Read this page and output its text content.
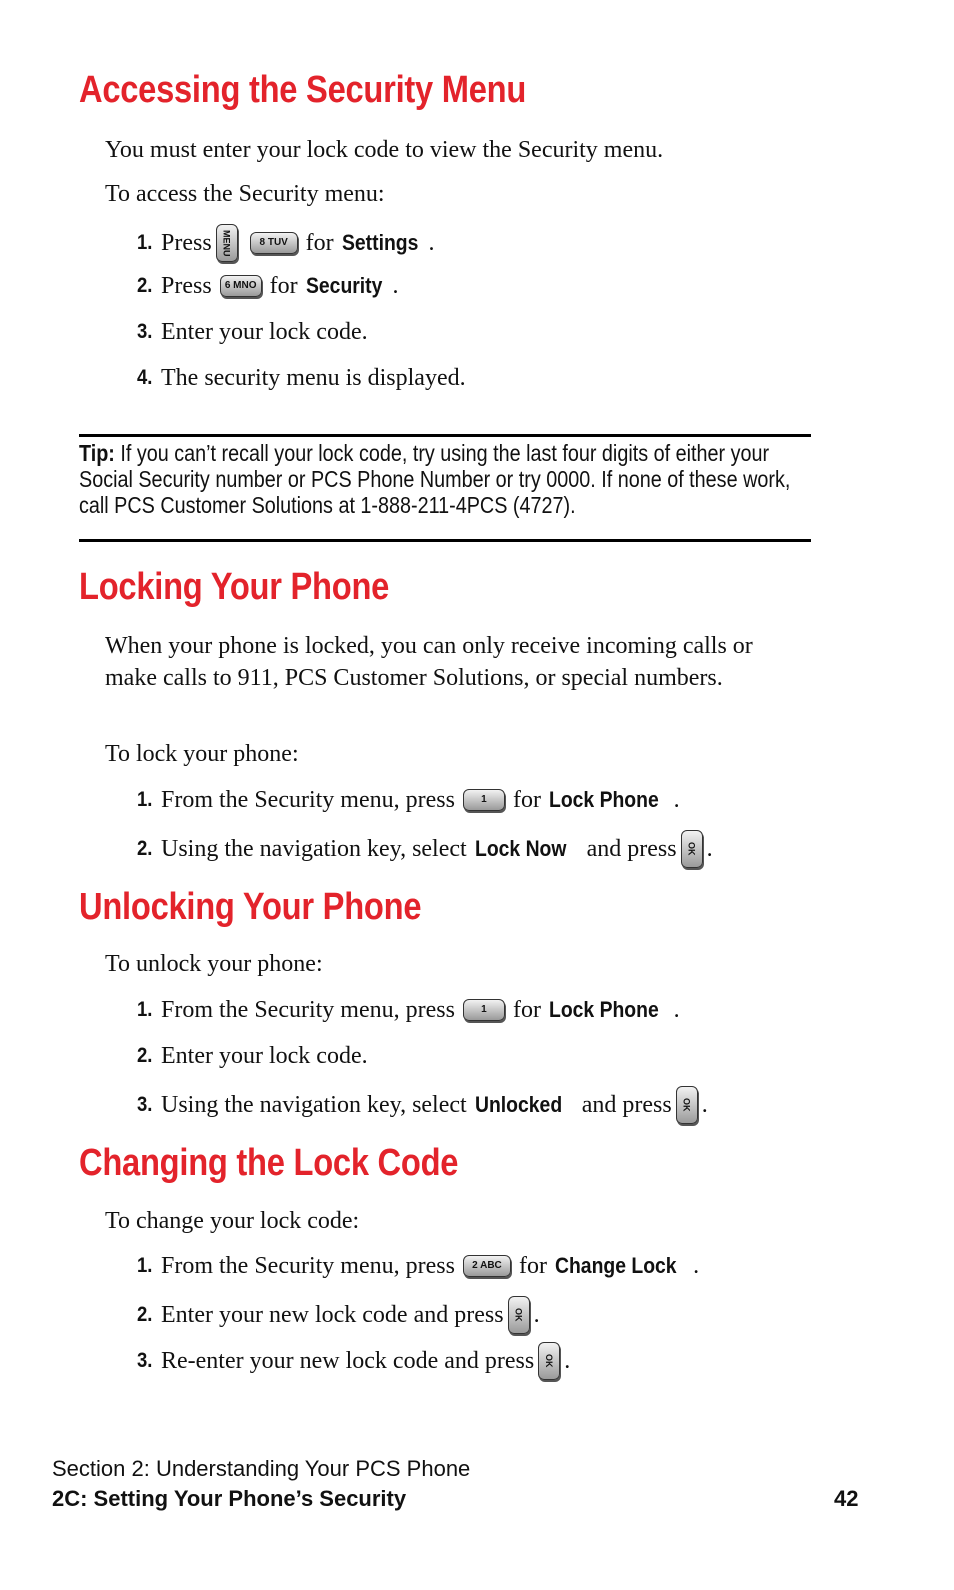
Accessing the Security Menu
You must enter your lock code to view the Security menu.
To access the Security menu:
1. Press	MENU	8 TUV for Settings .
2. Press	6 MNO for Security .
3. Enter your lock code.
4. The security menu is displayed.
Tip: If you can’t recall your lock code, try using the last four digits of either your Social Security number or PCS Phone Number or try 0000. If none of these work, call PCS Customer Solutions at 1-888-211-4PCS (4727).
Locking Your Phone
When your phone is locked, you can only receive incoming calls or make calls to 911, PCS Customer Solutions, or special numbers.
To lock your phone:
1. From the Security menu, press	1	for Lock Phone .
2. Using the navigation key, select Lock Now and press	OK .
Unlocking Your Phone
To unlock your phone:
1. From the Security menu, press	1	for Lock Phone .
2. Enter your lock code.
3. Using the navigation key, select Unlocked and press	OK .
Changing the Lock Code
To change your lock code:
1. From the Security menu, press	2 ABC for Change Lock .
2. Enter your new lock code and press	OK .
3. Re-enter your new lock code and press	OK .
Section 2: Understanding Your PCS Phone
2C: Setting Your Phone’s Security	42
